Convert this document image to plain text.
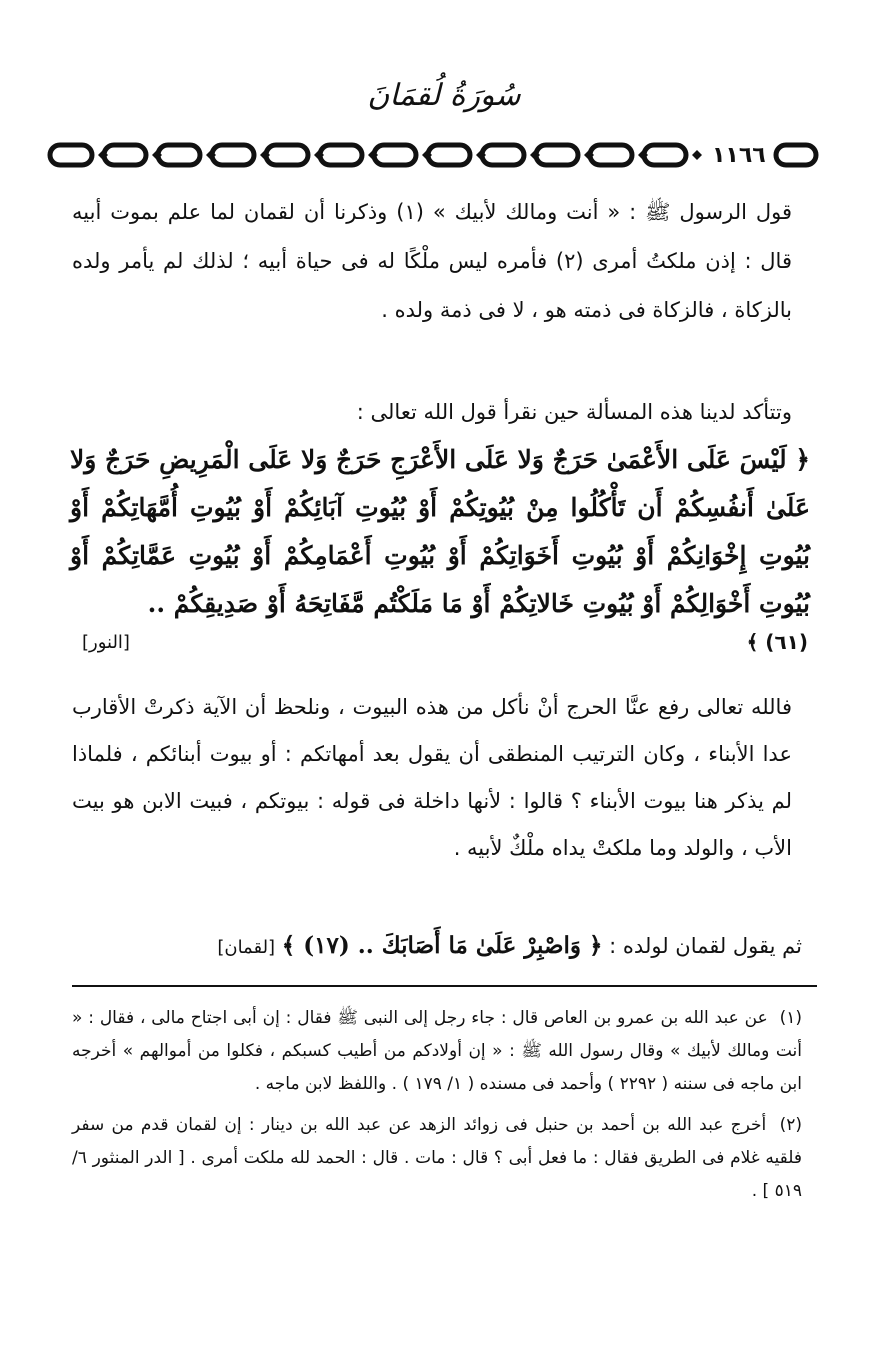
سُورَةُ لُقمَانَ
١١٦٦

قول الرسول ﷺ : « أنت ومالك لأبيك » (١) وذكرنا أن لقمان لما علم بموت أبيه قال : إذن ملكتُ أمرى (٢) فأمره ليس ملْكًا له فى حياة أبيه ؛ لذلك لم يأمر ولده بالزكاة ، فالزكاة فى ذمته هو ، لا فى ذمة ولده .

وتتأكد لدينا هذه المسألة حين نقرأ قول الله تعالى :

﴿ لَيْسَ عَلَى الأَعْمَىٰ حَرَجٌ وَلا عَلَى الأَعْرَجِ حَرَجٌ وَلا عَلَى الْمَرِيضِ حَرَجٌ وَلا عَلَىٰ أَنفُسِكُمْ أَن تَأْكُلُوا مِنْ بُيُوتِكُمْ أَوْ بُيُوتِ آبَائِكُمْ أَوْ بُيُوتِ أُمَّهَاتِكُمْ أَوْ بُيُوتِ إِخْوَانِكُمْ أَوْ بُيُوتِ أَخَوَاتِكُمْ أَوْ بُيُوتِ أَعْمَامِكُمْ أَوْ بُيُوتِ عَمَّاتِكُمْ أَوْ بُيُوتِ أَخْوَالِكُمْ أَوْ بُيُوتِ خَالاتِكُمْ أَوْ مَا مَلَكْتُم مَّفَاتِحَهُ أَوْ صَدِيقِكُمْ ..

(٦١) ﴾
[النور]

فالله تعالى رفع عنَّا الحرج أنْ نأكل من هذه البيوت ، ونلحظ أن الآية ذكرتْ الأقارب عدا الأبناء ، وكان الترتيب المنطقى أن يقول بعد أمهاتكم : أو بيوت أبنائكم ، فلماذا لم يذكر هنا بيوت الأبناء ؟ قالوا : لأنها داخلة فى قوله : بيوتكم ، فبيت الابن هو بيت الأب ، والولد وما ملكتْ يداه ملْكٌ لأبيه .

ثم يقول لقمان لولده : ﴿ وَاصْبِرْ عَلَىٰ مَا أَصَابَكَ .. (١٧) ﴾ [لقمان]
(١) عن عبد الله بن عمرو بن العاص قال : جاء رجل إلى النبى ﷺ فقال : إن أبى اجتاح مالى ، فقال : « أنت ومالك لأبيك » وقال رسول الله ﷺ : « إن أولادكم من أطيب كسبكم ، فكلوا من أموالهم » أخرجه ابن ماجه فى سننه ( ٢٢٩٢ ) وأحمد فى مسنده ( ١/ ١٧٩ ) . واللفظ لابن ماجه .
(٢) أخرج عبد الله بن أحمد بن حنبل فى زوائد الزهد عن عبد الله بن دينار : إن لقمان قدم من سفر فلقيه غلام فى الطريق فقال : ما فعل أبى ؟ قال : مات . قال : الحمد لله ملكت أمرى . [ الدر المنثور ٦/ ٥١٩ ] .
